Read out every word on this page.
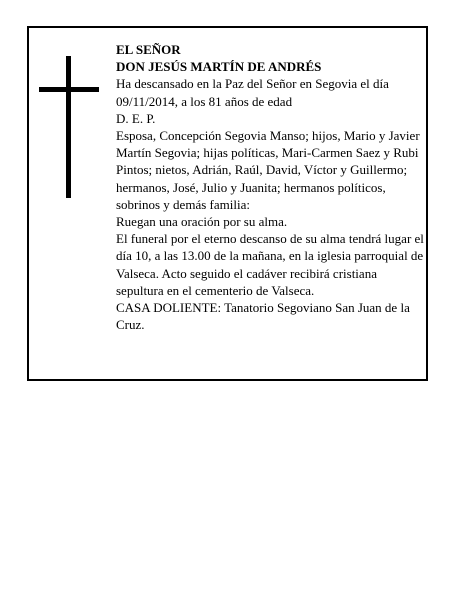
EL SEÑOR

DON JESÚS MARTÍN DE ANDRÉS

Ha descansado en la Paz del Señor en Segovia el día 09/11/2014, a los 81 años de edad

D. E. P.

Esposa, Concepción Segovia Manso; hijos, Mario y Javier Martín Segovia; hijas políticas, Mari-Carmen Saez y Rubi Pintos; nietos, Adrián, Raúl, David, Víctor y Guillermo; hermanos, José, Julio y Juanita; hermanos políticos, sobrinos y demás familia:

Ruegan una oración por su alma.

El funeral por el eterno descanso de su alma tendrá lugar el día 10, a las 13.00 de la mañana, en la iglesia parroquial de Valseca. Acto seguido el cadáver recibirá cristiana sepultura en el cementerio de Valseca.

CASA DOLIENTE: Tanatorio Segoviano San Juan de la Cruz.
